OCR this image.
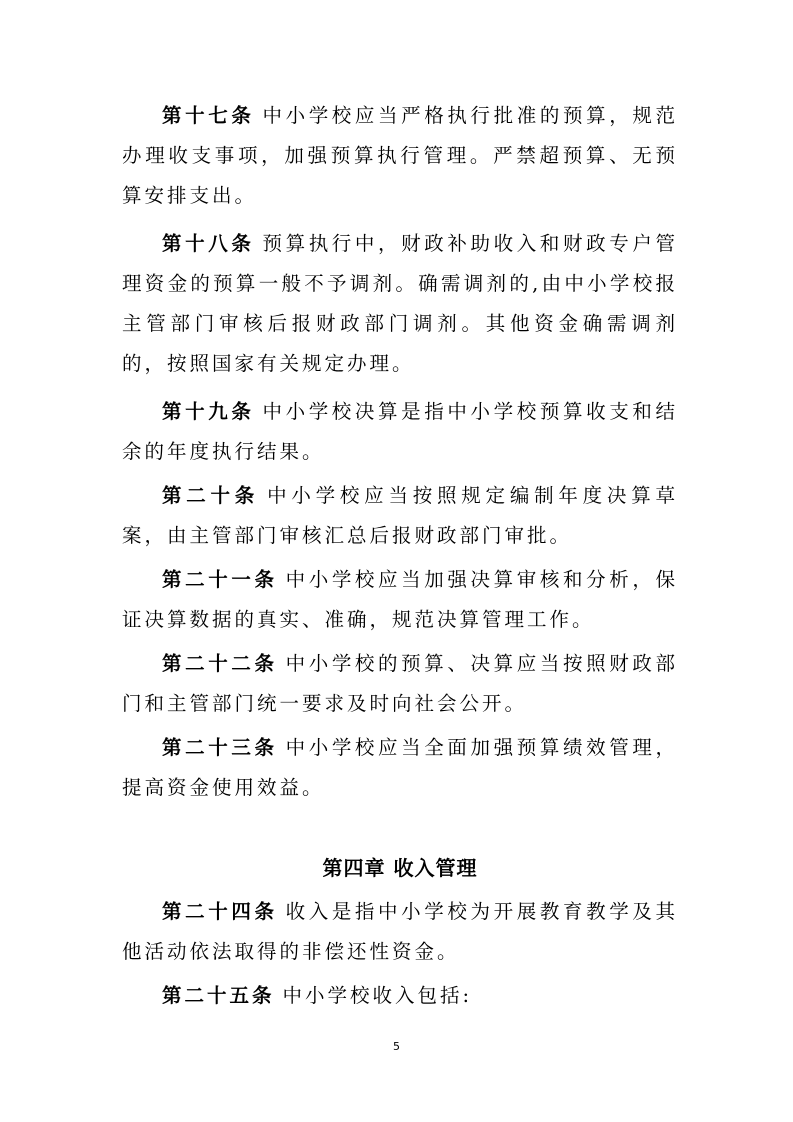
第十七条 中小学校应当严格执行批准的预算，规范办理收支事项，加强预算执行管理。严禁超预算、无预算安排支出。

第十八条 预算执行中，财政补助收入和财政专户管理资金的预算一般不予调剂。确需调剂的,由中小学校报主管部门审核后报财政部门调剂。其他资金确需调剂的，按照国家有关规定办理。

第十九条 中小学校决算是指中小学校预算收支和结余的年度执行结果。

第二十条 中小学校应当按照规定编制年度决算草案，由主管部门审核汇总后报财政部门审批。

第二十一条 中小学校应当加强决算审核和分析，保证决算数据的真实、准确，规范决算管理工作。

第二十二条 中小学校的预算、决算应当按照财政部门和主管部门统一要求及时向社会公开。

第二十三条 中小学校应当全面加强预算绩效管理，提高资金使用效益。

第四章 收入管理

第二十四条 收入是指中小学校为开展教育教学及其他活动依法取得的非偿还性资金。

第二十五条 中小学校收入包括:

5
